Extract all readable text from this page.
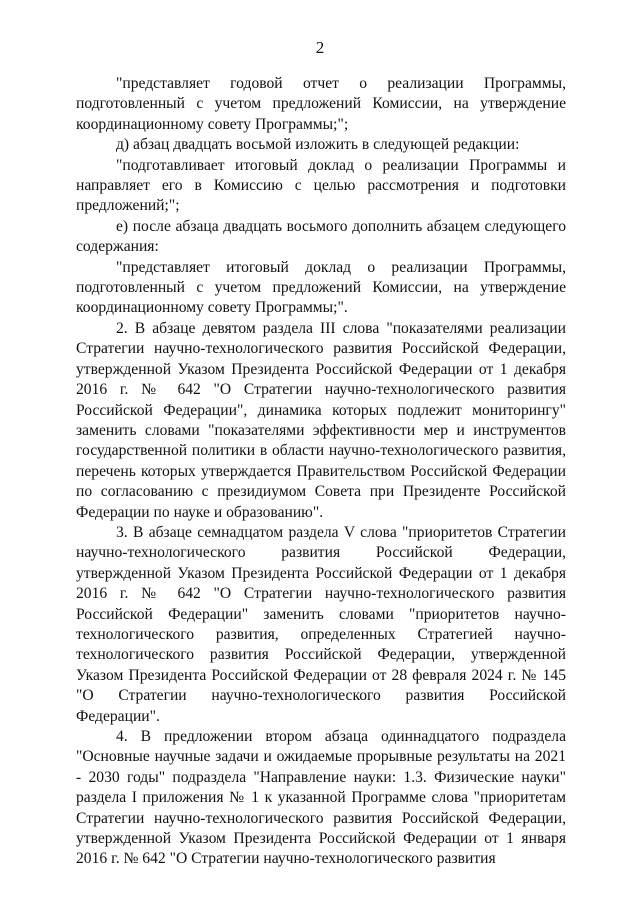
2

"представляет годовой отчет о реализации Программы, подготовленный с учетом предложений Комиссии, на утверждение координационному совету Программы;";

д) абзац двадцать восьмой изложить в следующей редакции:

"подготавливает итоговый доклад о реализации Программы и направляет его в Комиссию с целью рассмотрения и подготовки предложений;";

е) после абзаца двадцать восьмого дополнить абзацем следующего содержания:

"представляет итоговый доклад о реализации Программы, подготовленный с учетом предложений Комиссии, на утверждение координационному совету Программы;".

2. В абзаце девятом раздела III слова "показателями реализации Стратегии научно-технологического развития Российской Федерации, утвержденной Указом Президента Российской Федерации от 1 декабря 2016 г. № 642 "О Стратегии научно-технологического развития Российской Федерации", динамика которых подлежит мониторингу" заменить словами "показателями эффективности мер и инструментов государственной политики в области научно-технологического развития, перечень которых утверждается Правительством Российской Федерации по согласованию с президиумом Совета при Президенте Российской Федерации по науке и образованию".

3. В абзаце семнадцатом раздела V слова "приоритетов Стратегии научно-технологического развития Российской Федерации, утвержденной Указом Президента Российской Федерации от 1 декабря 2016 г. № 642 "О Стратегии научно-технологического развития Российской Федерации" заменить словами "приоритетов научно-технологического развития, определенных Стратегией научно-технологического развития Российской Федерации, утвержденной Указом Президента Российской Федерации от 28 февраля 2024 г. № 145 "О Стратегии научно-технологического развития Российской Федерации".

4. В предложении втором абзаца одиннадцатого подраздела "Основные научные задачи и ожидаемые прорывные результаты на 2021 - 2030 годы" подраздела "Направление науки: 1.3. Физические науки" раздела I приложения № 1 к указанной Программе слова "приоритетам Стратегии научно-технологического развития Российской Федерации, утвержденной Указом Президента Российской Федерации от 1 января 2016 г. № 642 "О Стратегии научно-технологического развития
